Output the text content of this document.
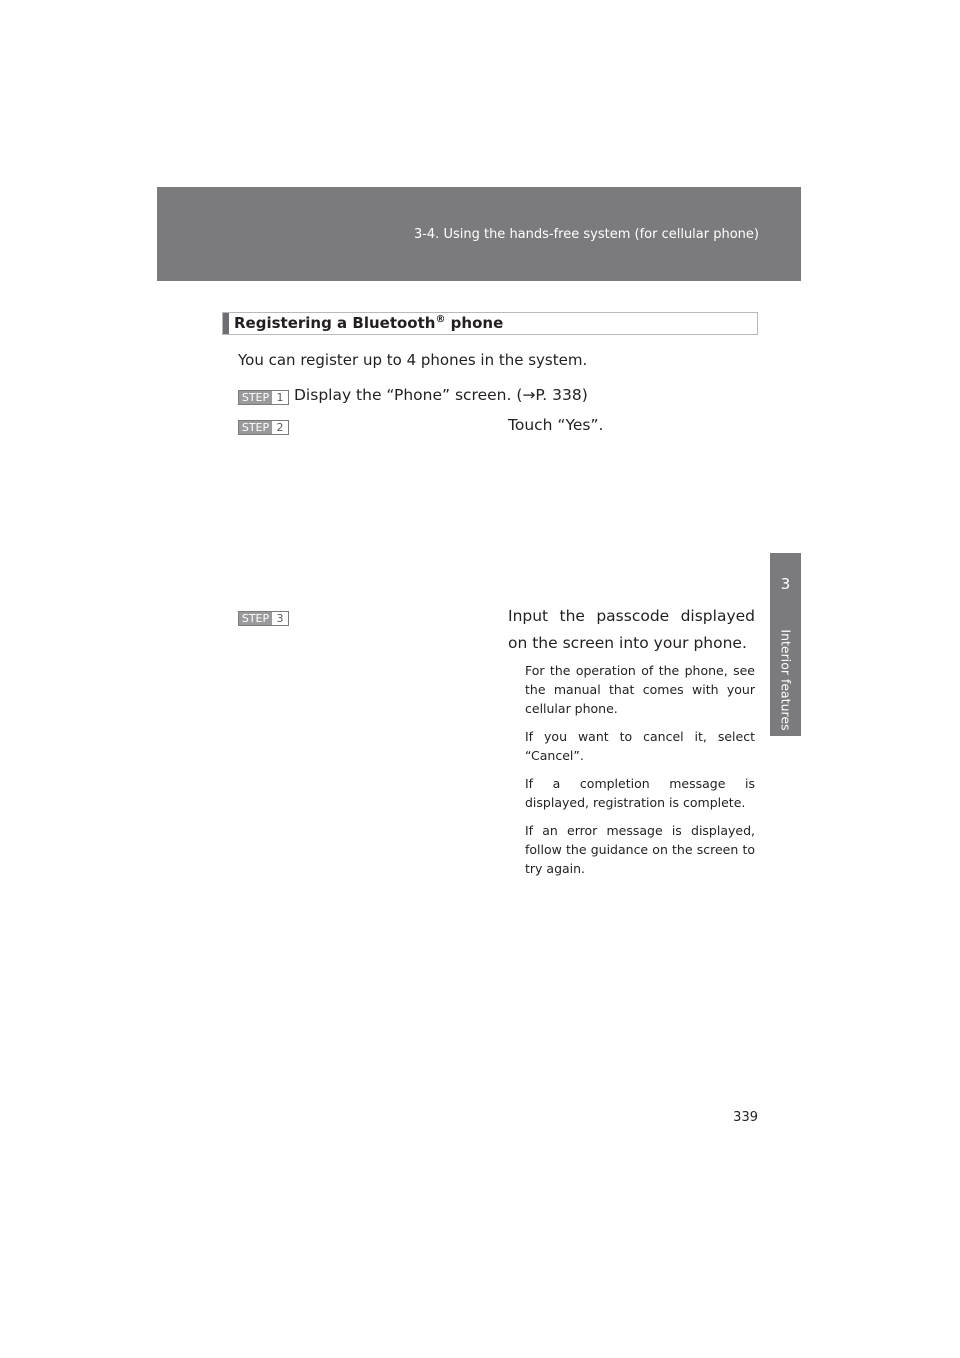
3-4. Using the hands-free system (for cellular phone)
3
Interior features
Registering a Bluetooth® phone
You can register up to 4 phones in the system.
STEP 1 Display the “Phone” screen. (→P. 338)
STEP 2	Touch “Yes”.
STEP 3	Input the passcode displayed on the screen into your phone.
For the operation of the phone, see the manual that comes with your cellular phone.
If you want to cancel it, select “Cancel”.
If a completion message is displayed, registration is complete.
If an error message is displayed, follow the guidance on the screen to try again.
339
